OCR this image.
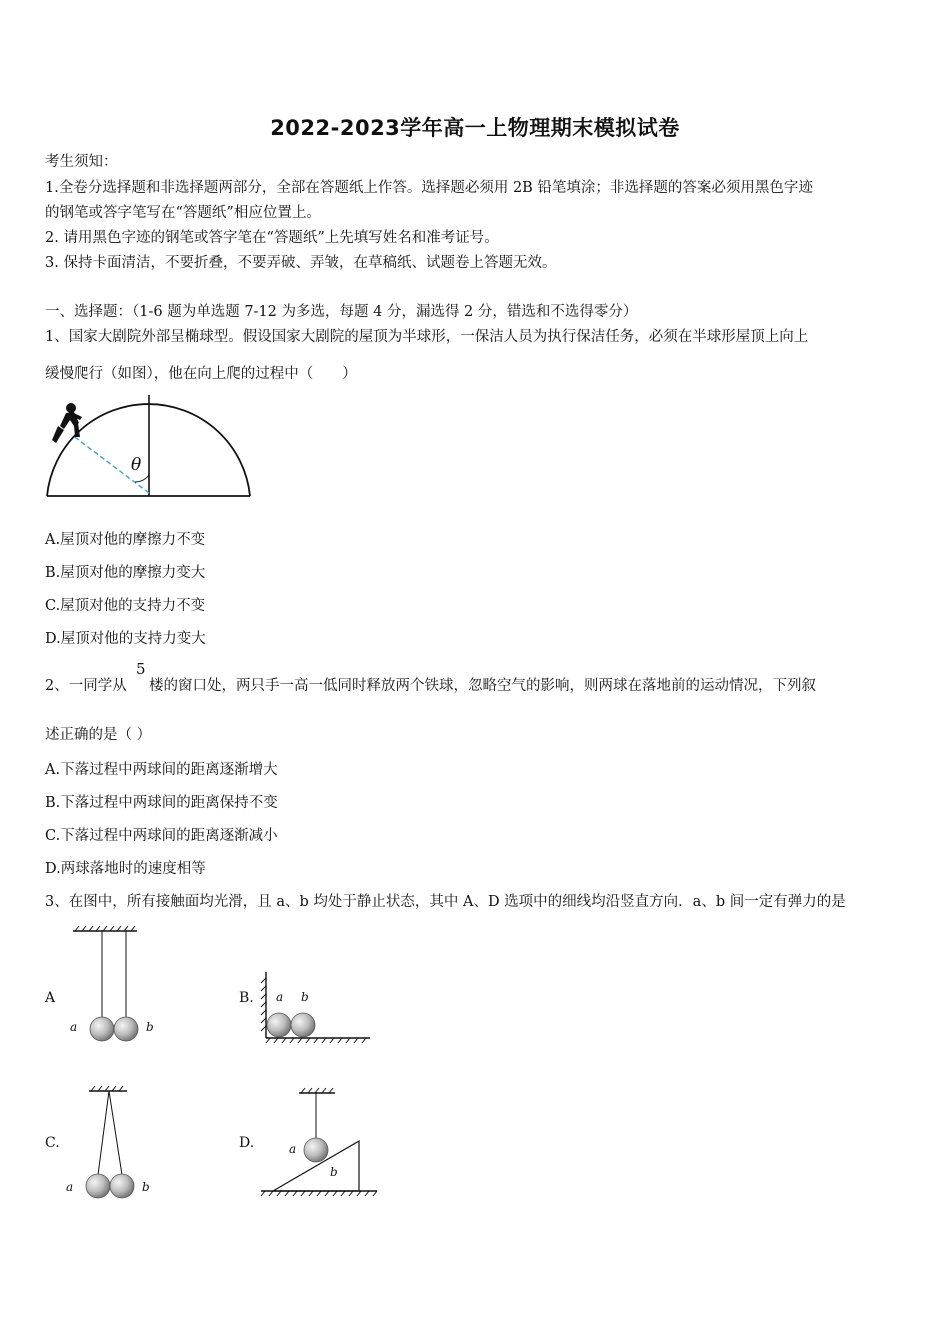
2022-2023学年高一上物理期末模拟试卷
考生须知：
1.全卷分选择题和非选择题两部分，全部在答题纸上作答。选择题必须用 2B 铅笔填涂；非选择题的答案必须用黑色字迹
的钢笔或答字笔写在“答题纸”相应位置上。
2. 请用黑色字迹的钢笔或答字笔在“答题纸”上先填写姓名和准考证号。
3. 保持卡面清洁，不要折叠，不要弄破、弄皱，在草稿纸、试题卷上答题无效。
一、选择题：（1-6 题为单选题 7-12 为多选，每题 4 分，漏选得 2 分，错选和不选得零分）
1、国家大剧院外部呈椭球型。假设国家大剧院的屋顶为半球形，一保洁人员为执行保洁任务，必须在半球形屋顶上向上
缓慢爬行（如图），他在向上爬的过程中（　　）
θ
A.屋顶对他的摩擦力不变
B.屋顶对他的摩擦力变大
C.屋顶对他的支持力不变
D.屋顶对他的支持力变大
2、一同学从
5
楼的窗口处，两只手一高一低同时释放两个铁球，忽略空气的影响，则两球在落地前的运动情况，下列叙
述正确的是（ ）
A.下落过程中两球间的距离逐渐增大
B.下落过程中两球间的距离保持不变
C.下落过程中两球间的距离逐渐减小
D.两球落地时的速度相等
3、在图中，所有接触面均光滑，且 a、b 均处于静止状态，其中 A、D 选项中的细线均沿竖直方向．a、b 间一定有弹力的是
A
a	b
B. a b
C.
a	b
D.	a
b
